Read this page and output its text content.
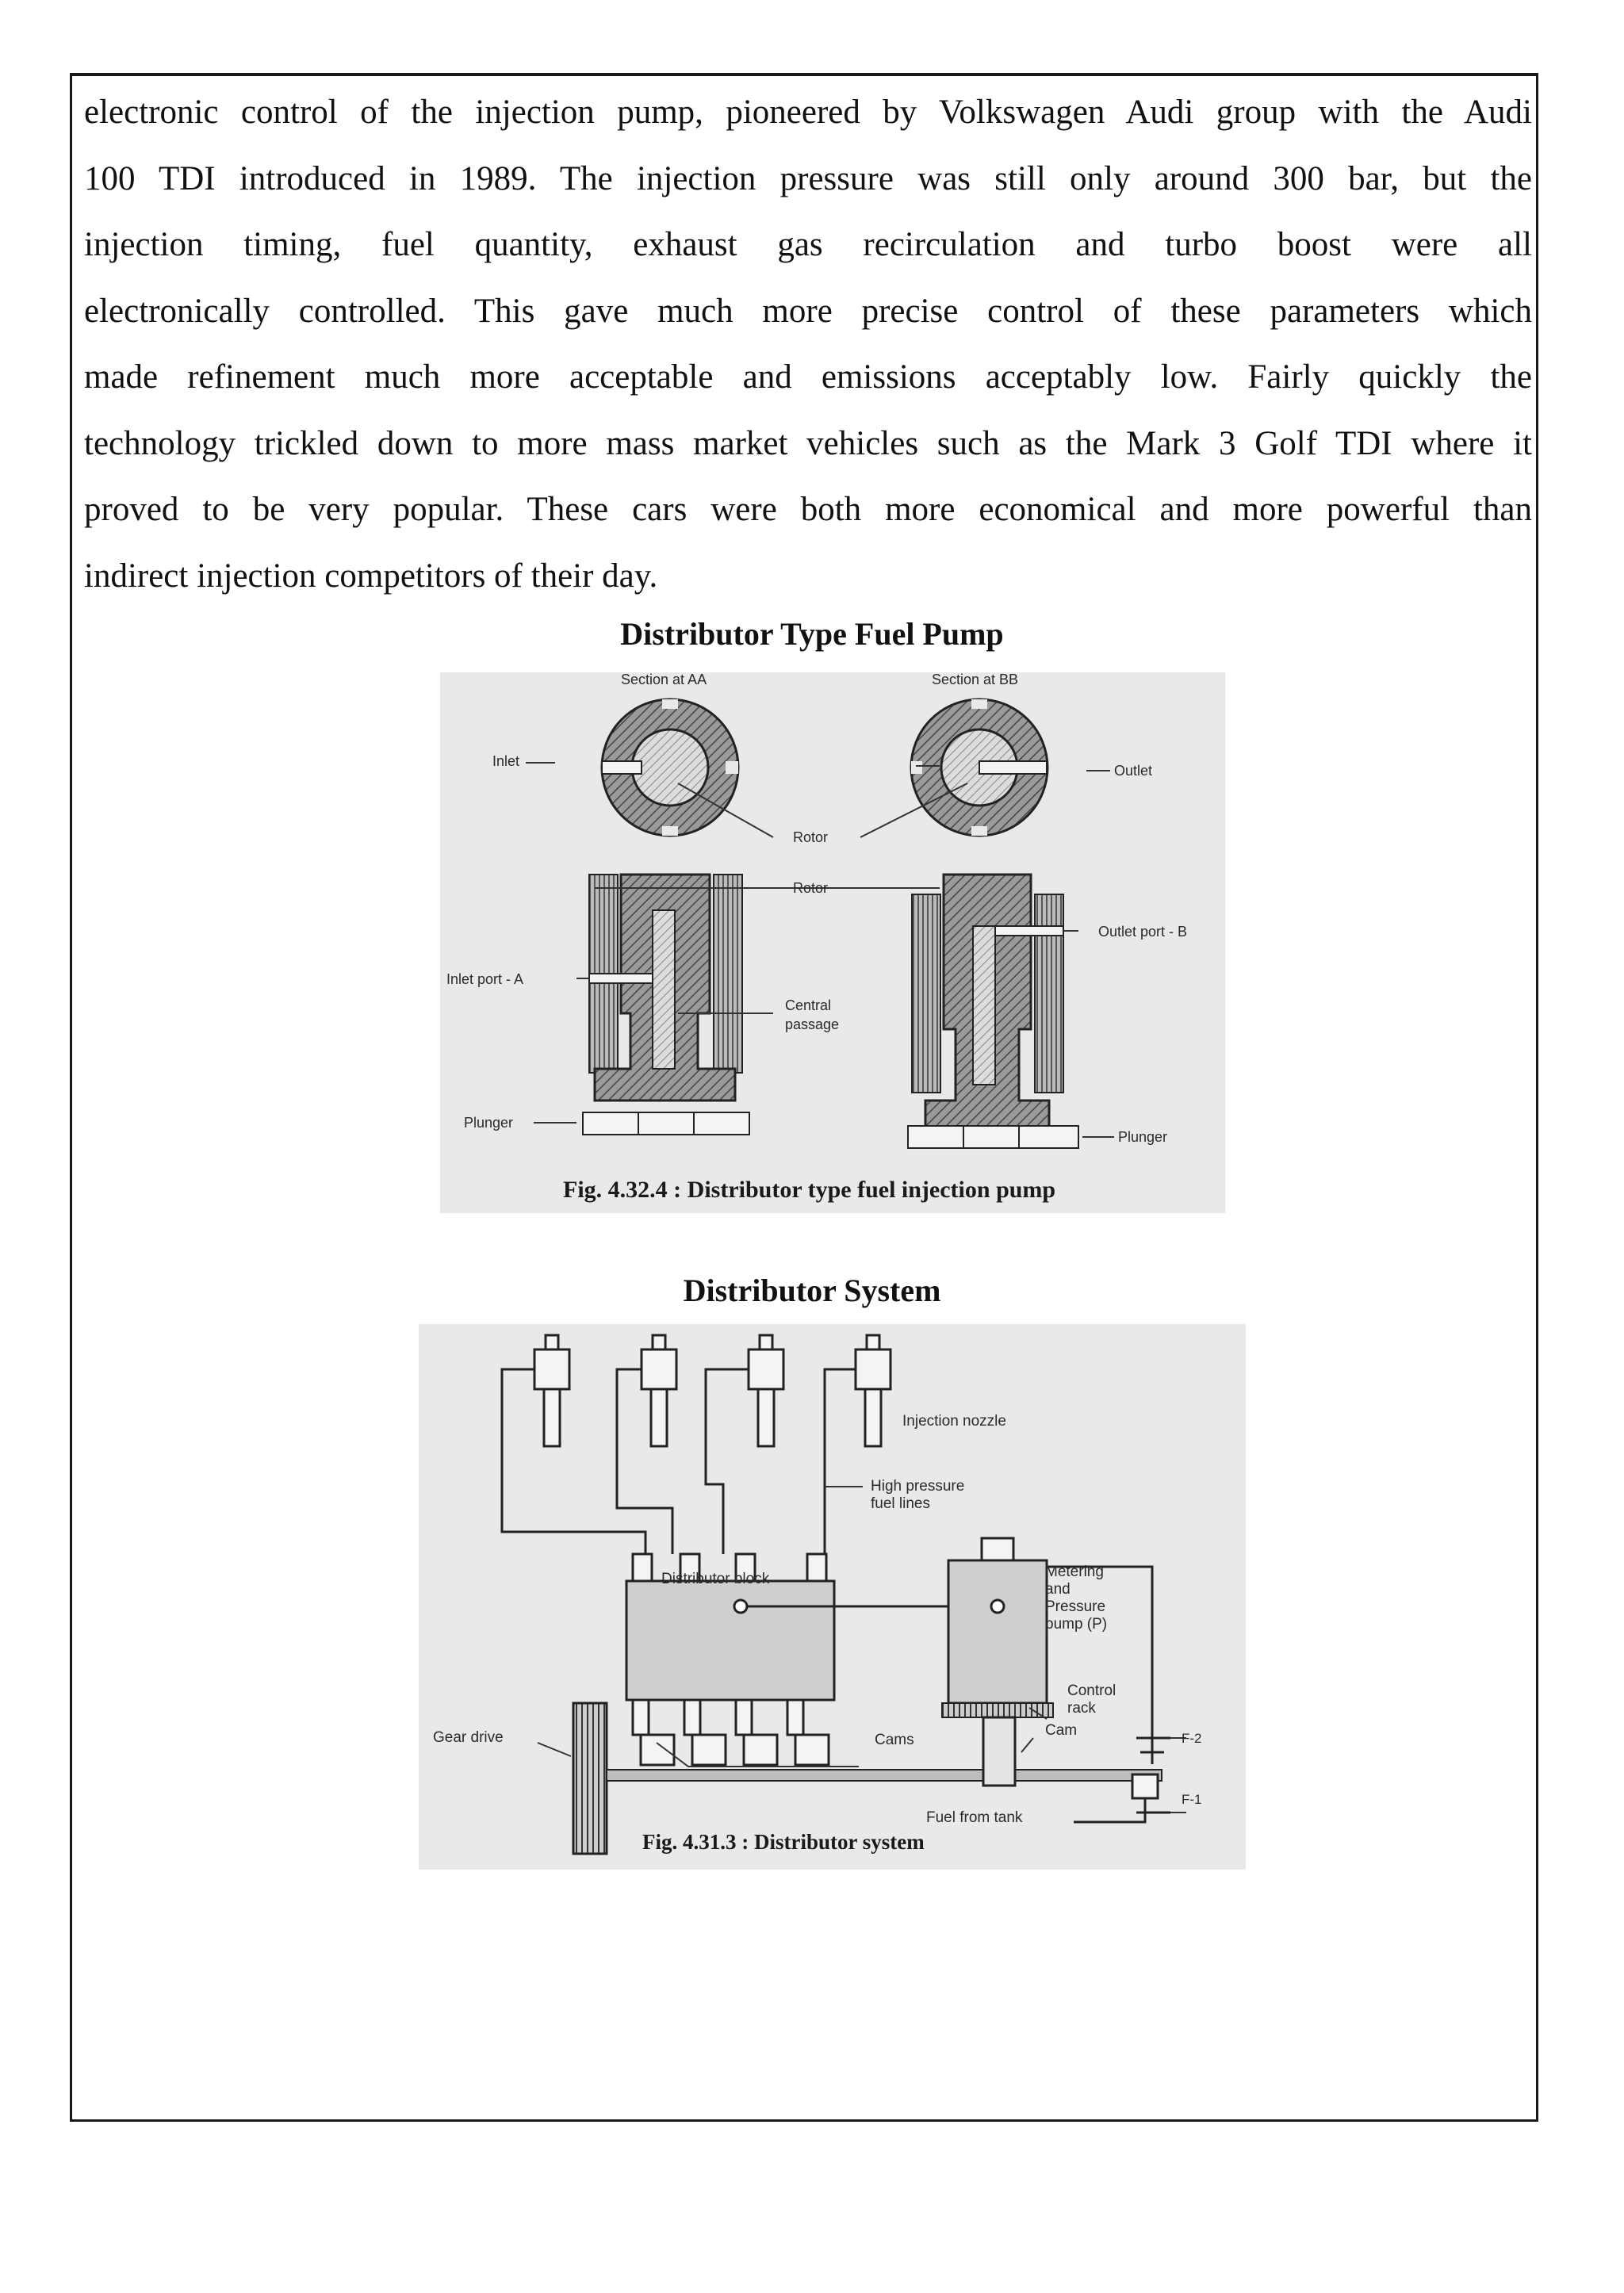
electronic control of the injection pump, pioneered by Volkswagen Audi group with the Audi
100 TDI introduced in 1989. The injection pressure was still only around 300 bar, but the
injection timing, fuel quantity, exhaust gas recirculation and turbo boost were all
electronically controlled. This gave much more precise control of these parameters which
made refinement much more acceptable and emissions acceptably low. Fairly quickly the
technology trickled down to more mass market vehicles such as the Mark 3 Golf TDI where it
proved to be very popular. These cars were both more economical and more powerful than
indirect injection competitors of their day.

Distributor Type Fuel Pump
Section at AA	Section at BB
Inlet
Outlet
Rotor
Rotor
Outlet port - B
Inlet port - A
Central
passage
Plunger
Plunger
Fig. 4.32.4 : Distributor type fuel injection pump
Distributor System
Injection nozzle
High pressure
fuel lines
Distributor block	Metering
and
Pressure
pump (P)
Control
rack
Cam
Gear drive	Cams	F-2
F-1
Fuel from tank
Fig. 4.31.3 : Distributor system
